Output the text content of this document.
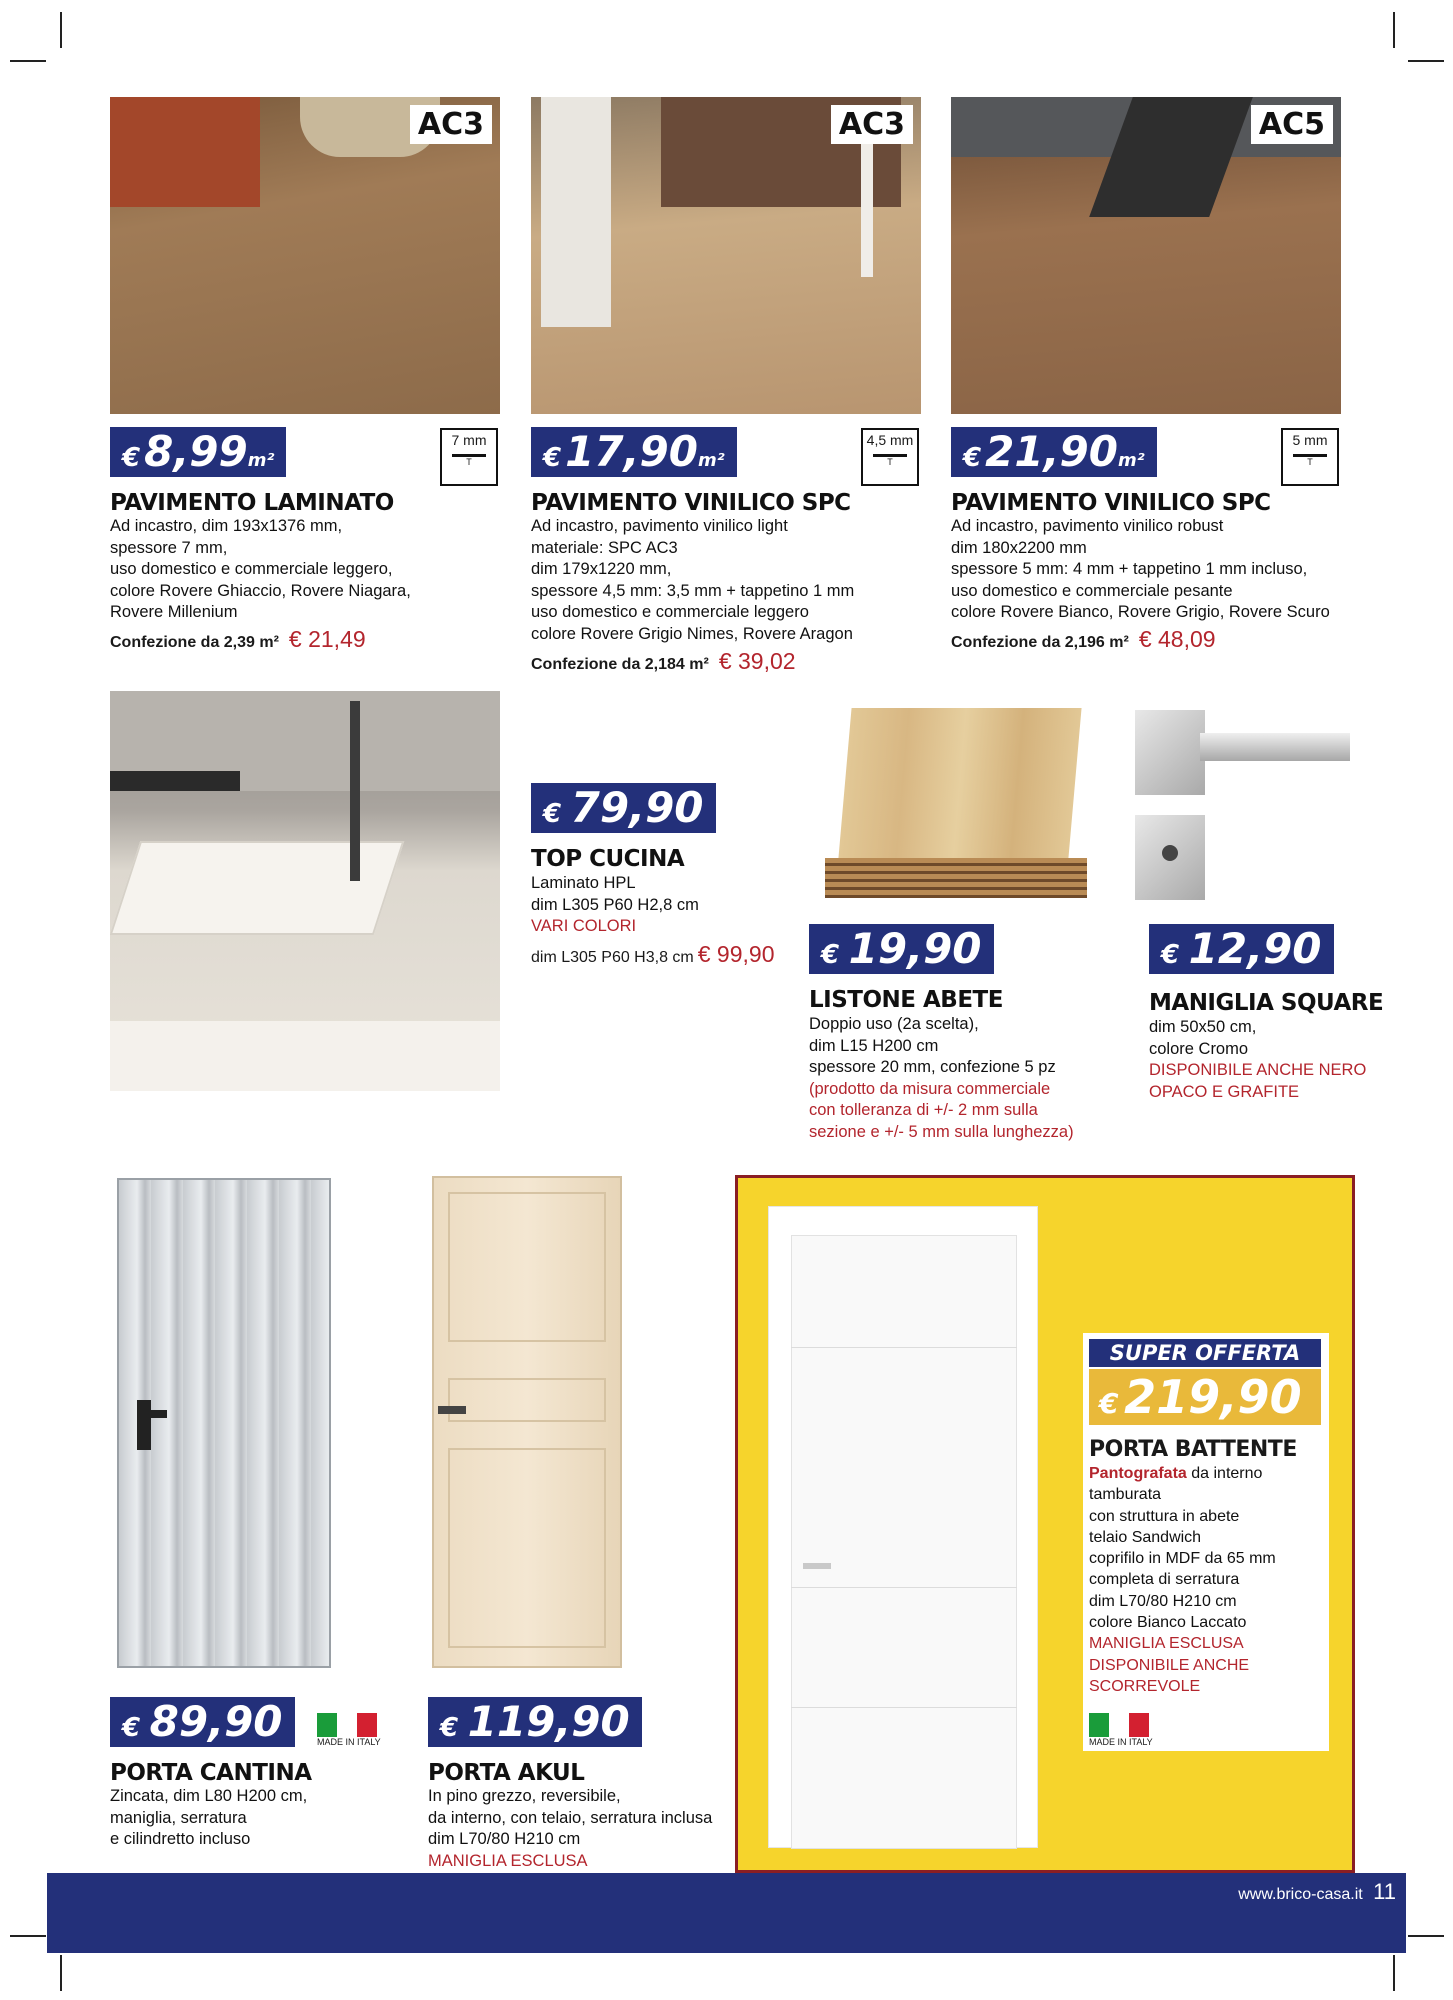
AC3
€8,99m²
7 mm
T
PAVIMENTO LAMINATO
Ad incastro, dim 193x1376 mm,
spessore 7 mm,
uso domestico e commerciale leggero,
colore Rovere Ghiaccio, Rovere Niagara,
Rovere Millenium
Confezione da 2,39 m² € 21,49
AC3
€17,90m²
4,5 mm
T
PAVIMENTO VINILICO SPC
Ad incastro, pavimento vinilico light
materiale: SPC AC3
dim 179x1220 mm,
spessore 4,5 mm: 3,5 mm + tappetino 1 mm
uso domestico e commerciale leggero
colore Rovere Grigio Nimes, Rovere Aragon
Confezione da 2,184 m² € 39,02
AC5
€21,90m²
5 mm
T
PAVIMENTO VINILICO SPC
Ad incastro, pavimento vinilico robust
dim 180x2200 mm
spessore 5 mm: 4 mm + tappetino 1 mm incluso,
uso domestico e commerciale pesante
colore Rovere Bianco, Rovere Grigio, Rovere Scuro
Confezione da 2,196 m² € 48,09
€ 79,90
TOP CUCINA
Laminato HPL
dim L305 P60 H2,8 cm
VARI COLORI
dim L305 P60 H3,8 cm € 99,90	€ 19,90
LISTONE ABETE
Doppio uso (2a scelta),
dim L15 H200 cm
spessore 20 mm, confezione 5 pz
(prodotto da misura commerciale
con tolleranza di +/- 2 mm sulla
sezione e +/- 5 mm sulla lunghezza)
€ 12,90
MANIGLIA SQUARE
dim 50x50 cm,
colore Cromo
DISPONIBILE ANCHE NERO
OPACO E GRAFITE
€ 89,90	MADE IN ITALY
PORTA CANTINA
Zincata, dim L80 H200 cm,
maniglia, serratura
e cilindretto incluso
€ 119,90
PORTA AKUL
In pino grezzo, reversibile,
da interno, con telaio, serratura inclusa
dim L70/80 H210 cm
MANIGLIA ESCLUSA
SUPER OFFERTA
€ 219,90
PORTA BATTENTE
Pantografata da interno
tamburata
con struttura in abete
telaio Sandwich
coprifilo in MDF da 65 mm
completa di serratura
dim L70/80 H210 cm
colore Bianco Laccato
MANIGLIA ESCLUSA
DISPONIBILE ANCHE
SCORREVOLE
MADE IN ITALY
www.brico-casa.it 11
